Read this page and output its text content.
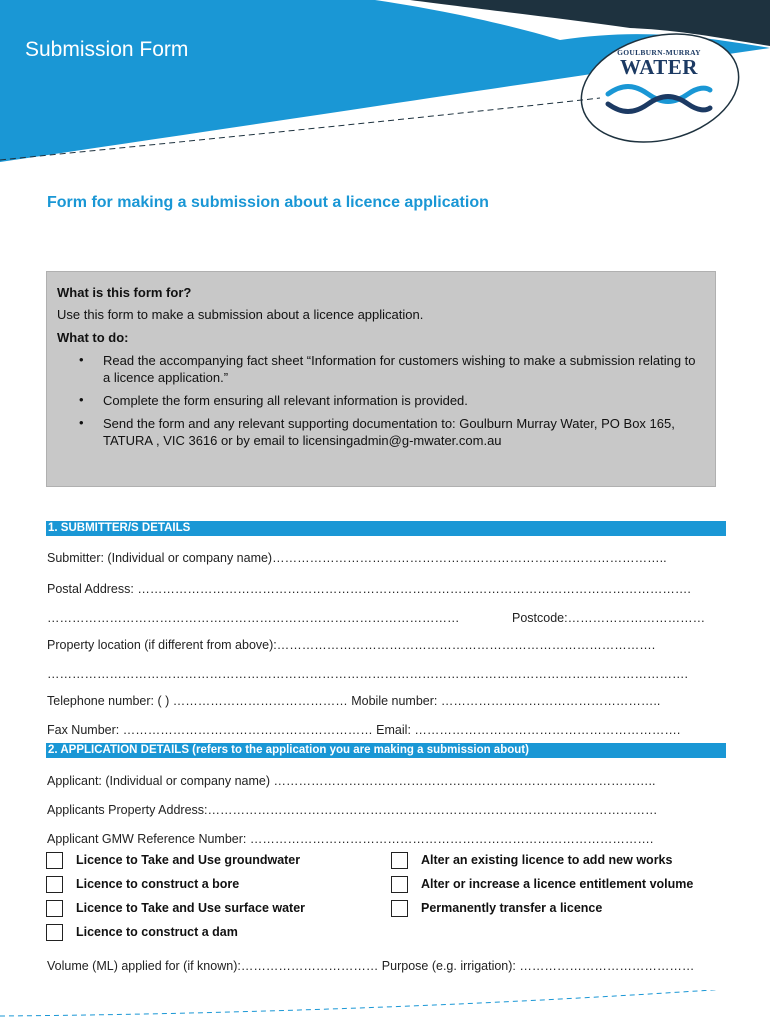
Submission Form	GOULBURN-MURRAY
WATER
Form for making a submission about a licence application
What is this form for?
Use this form to make a submission about a licence application.
What to do:
• Read the accompanying fact sheet “Information for customers wishing to make a submission relating to a licence application.”
• Complete the form ensuring all relevant information is provided.
• Send the form and any relevant supporting documentation to: Goulburn Murray Water, PO Box 165, TATURA , VIC 3616 or by email to licensingadmin@g-mwater.com.au
1. SUBMITTER/S DETAILS
Submitter: (Individual or company name)…………………………………………………………………………………..
Postal Address: …………………………………………………………………………………………………………………….
………………………………………………………………………………………	Postcode:……………………………
Property location (if different from above):……………………………………………………………………………….
……………………………………………………………………………………………………………………………………….
Telephone number: ( ) …………………………………… Mobile number: ……………………………………………..
Fax Number: …………………………………………………… Email: ……………………………………………………….
2. APPLICATION DETAILS (refers to the application you are making a submission about)
Applicant: (Individual or company name) ………………………………………………………………………………..
Applicants Property Address:………………………………………………………………………………………………
Applicant GMW Reference Number: …………………………………………………………………………………….
Licence to Take and Use groundwater
Licence to construct a bore
Licence to Take and Use surface water
Licence to construct a dam
Alter an existing licence to add new works
Alter or increase a licence entitlement volume
Permanently transfer a licence
Volume (ML) applied for (if known):…………………………… Purpose (e.g. irrigation): ……………………………………
